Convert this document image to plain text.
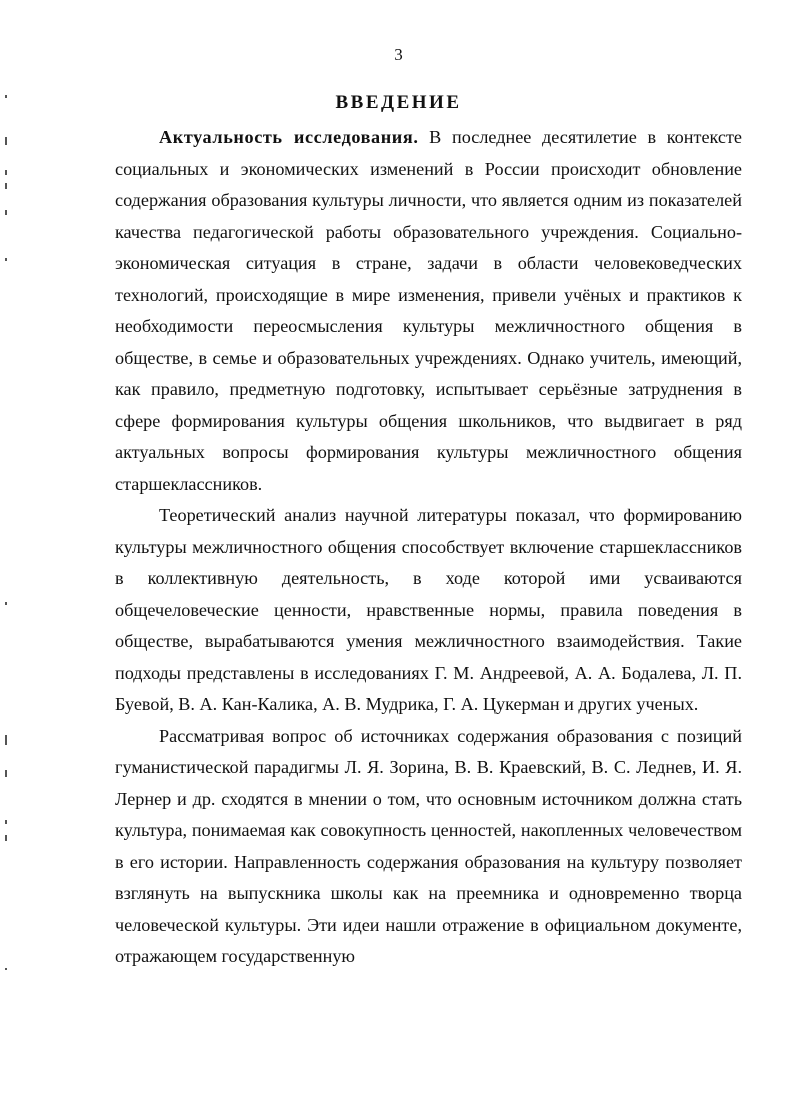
3
ВВЕДЕНИЕ

Актуальность исследования. В последнее десятилетие в контексте социальных и экономических изменений в России происходит обновление содержания образования культуры личности, что является одним из показателей качества педагогической работы образовательного учреждения. Социально-экономическая ситуация в стране, задачи в области человековедческих технологий, происходящие в мире изменения, привели учёных и практиков к необходимости переосмысления культуры межличностного общения в обществе, в семье и образовательных учреждениях. Однако учитель, имеющий, как правило, предметную подготовку, испытывает серьёзные затруднения в сфере формирования культуры общения школьников, что выдвигает в ряд актуальных вопросы формирования культуры межличностного общения старшеклассников.

Теоретический анализ научной литературы показал, что формированию культуры межличностного общения способствует включение старшеклассников в коллективную деятельность, в ходе которой ими усваиваются общечеловеческие ценности, нравственные нормы, правила поведения в обществе, вырабатываются умения межличностного взаимодействия. Такие подходы представлены в исследованиях Г. М. Андреевой, А. А. Бодалева, Л. П. Буевой, В. А. Кан-Калика, А. В. Мудрика, Г. А. Цукерман и других ученых.

Рассматривая вопрос об источниках содержания образования с позиций гуманистической парадигмы Л. Я. Зорина, В. В. Краевский, В. С. Леднев, И. Я. Лернер и др. сходятся в мнении о том, что основным источником должна стать культура, понимаемая как совокупность ценностей, накопленных человечеством в его истории. Направленность содержания образования на культуру позволяет взглянуть на выпускника школы как на преемника и одновременно творца человеческой культуры. Эти идеи нашли отражение в официальном документе, отражающем государственную
